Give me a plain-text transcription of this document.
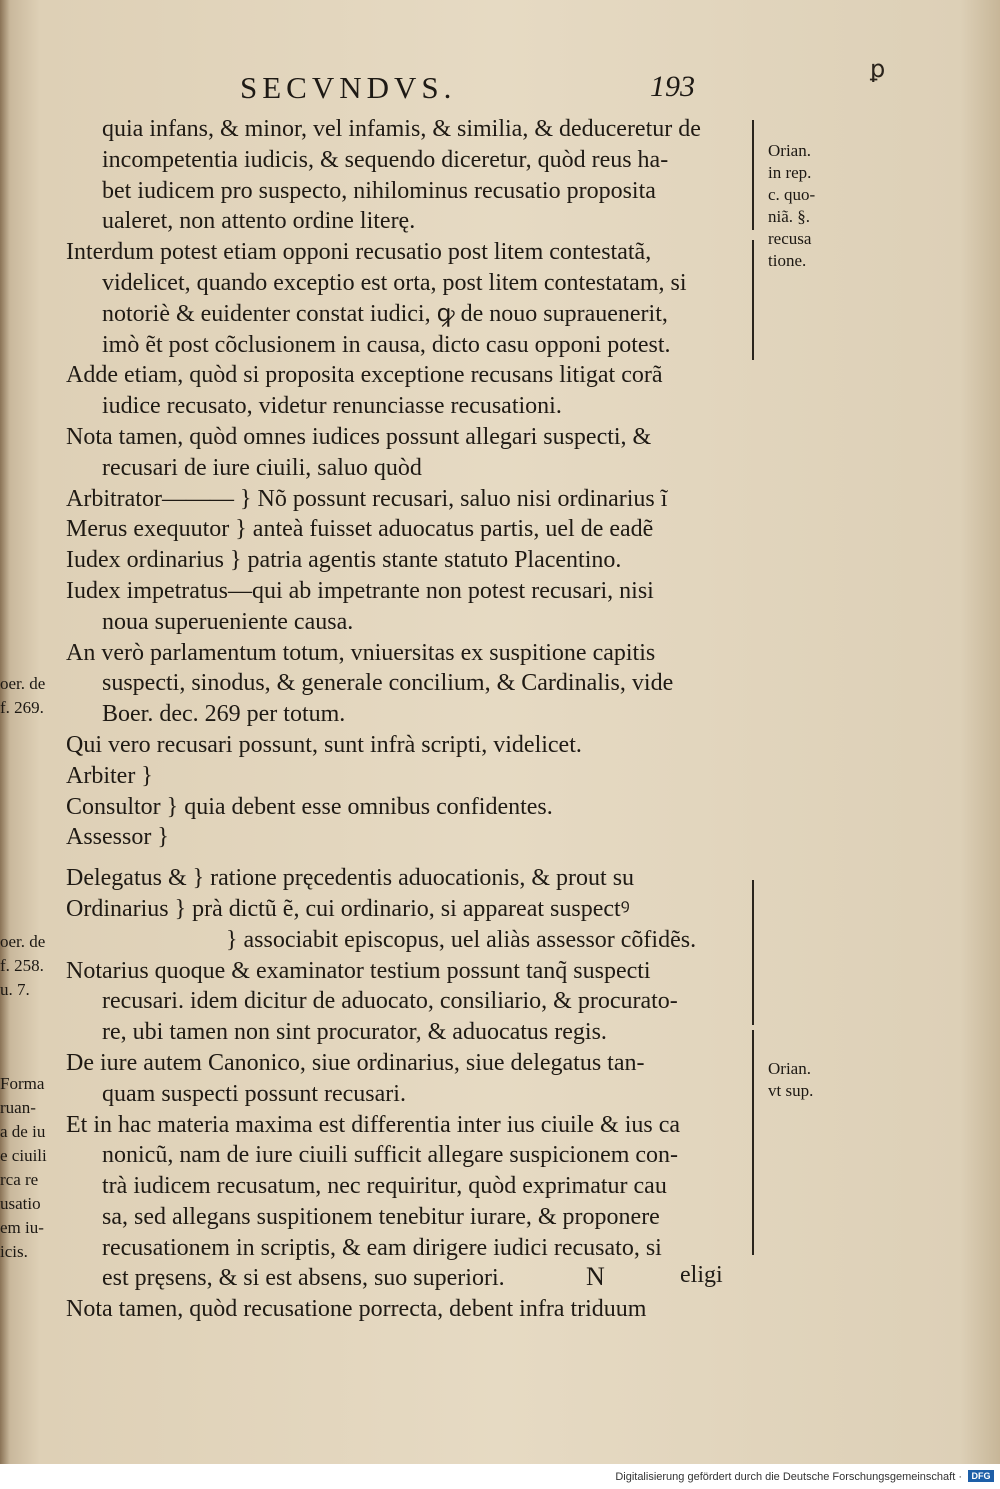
SECVNDVS.	193	ꝑ
quia infans, & minor, vel infamis, & similia, & deduceretur de
incompetentia iudicis, & sequendo diceretur, quòd reus ha-
bet iudicem pro suspecto, nihilominus recusatio proposita
ualeret, non attento ordine literę.
Interdum potest etiam opponi recusatio post litem contestatã,
videlicet, quando exceptio est orta, post litem contestatam, si
notoriè & euidenter constat iudici, ꝙ de nouo suprauenerit,
imò ẽt post cõclusionem in causa, dicto casu opponi potest.
Adde etiam, quòd si proposita exceptione recusans litigat corã
iudice recusato, videtur renunciasse recusationi.
Nota tamen, quòd omnes iudices possunt allegari suspecti, &
recusari de iure ciuili, saluo quòd
Arbitrator——— } Nõ possunt recusari, saluo nisi ordinarius ĩ
Merus exequutor } anteà fuisset aduocatus partis, uel de eadẽ
Iudex ordinarius } patria agentis stante statuto Placentino.
Iudex impetratus—qui ab impetrante non potest recusari, nisi
noua superueniente causa.
An verò parlamentum totum, vniuersitas ex suspitione capitis
suspecti, sinodus, & generale concilium, & Cardinalis, vide
Boer. dec. 269 per totum.
Qui vero recusari possunt, sunt infrà scripti, videlicet.
Arbiter }
Consultor } quia debent esse omnibus confidentes.
Assessor }
Delegatus & } ratione pręcedentis aduocationis, & prout su
Ordinarius } prà dictũ ẽ, cui ordinario, si appareat suspectꝰ
} associabit episcopus, uel aliàs assessor cõfidẽs.
Notarius quoque & examinator testium possunt tanq̃ suspecti
recusari. idem dicitur de aduocato, consiliario, & procurato-
re, ubi tamen non sint procurator, & aduocatus regis.
De iure autem Canonico, siue ordinarius, siue delegatus tan-
quam suspecti possunt recusari.
Et in hac materia maxima est differentia inter ius ciuile & ius ca
nonicũ, nam de iure ciuili sufficit allegare suspicionem con-
trà iudicem recusatum, nec requiritur, quòd exprimatur cau
sa, sed allegans suspitionem tenebitur iurare, & proponere
recusationem in scriptis, & eam dirigere iudici recusato, si
est pręsens, & si est absens, suo superiori.
Nota tamen, quòd recusatione porrecta, debent infra triduum
N	eligi
Orian.
in rep.
c. quo-
niã. §.
recusa
tione.
Orian.
vt sup.
oer. de
f. 269.
oer. de
f. 258.
u. 7.
Forma
ruan-
a de iu
e ciuili
rca re
usatio
em iu-
icis.
Digitalisierung gefördert durch die Deutsche Forschungsgemeinschaft ·	DFG
